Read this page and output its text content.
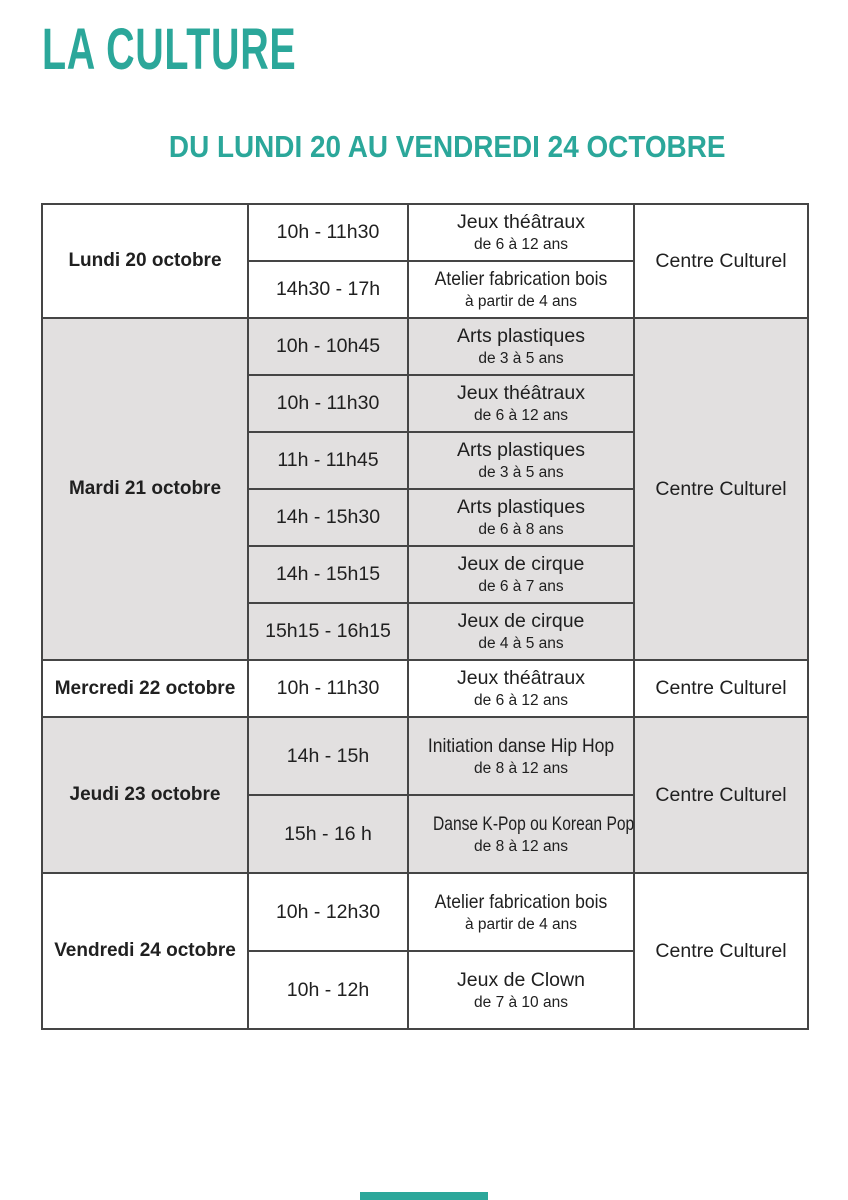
LA CULTURE
DU LUNDI 20 AU VENDREDI 24 OCTOBRE
Lundi 20 octobre	10h - 11h30	Jeux théâtraux
de 6 à 12 ans	Centre Culturel
	14h30 - 17h	Atelier fabrication bois
à partir de 4 ans	

Mardi 21 octobre	10h - 10h45	Arts plastiques
de 3 à 5 ans	Centre Culturel
	10h - 11h30	Jeux théâtraux
de 6 à 12 ans	

	11h - 11h45	Arts plastiques
de 3 à 5 ans	

	14h - 15h30	Arts plastiques
de 6 à 8 ans	

	14h - 15h15	Jeux de cirque
de 6 à 7 ans	

	15h15 - 16h15	Jeux de cirque
de 4 à 5 ans	

Mercredi 22 octobre	10h - 11h30	Jeux théâtraux
de 6 à 12 ans	Centre Culturel
Jeudi 23 octobre	14h - 15h	Initiation danse Hip Hop
de 8 à 12 ans	Centre Culturel
	15h - 16 h	Danse K-Pop ou Korean Pop
de 8 à 12 ans	

Vendredi 24 octobre	10h - 12h30	Atelier fabrication bois
à partir de 4 ans	Centre Culturel
	10h - 12h	Jeux de Clown
de 7 à 10 ans	
